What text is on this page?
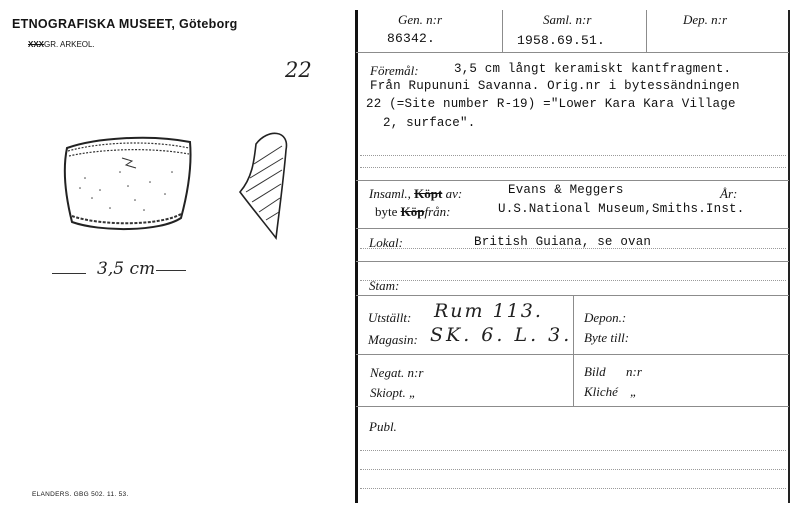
ETNOGRAFISKA MUSEET, Göteborg
XXXGR. ARKEOL.
22
3,5 cm
ELANDERS. GBG 502. 11. 53.
Gen. n:r	Saml. n:r	Dep. n:r
86342.	1958.69.51.
Föremål:	3,5 cm långt keramiskt kantfragment.
Från Rupununi Savanna. Orig.nr i bytessändningen
22 (=Site number R-19) ="Lower Kara Kara Village
2, surface".
Insaml., Köpt av:	Evans & Meggers	År:
byte Köpfrån:	U.S.National Museum,Smiths.Inst.
Lokal:	British Guiana, se ovan
Stam:
Utställt: Rum 113.
Magasin: SK. 6. L. 3.
Depon.:
Byte till:
Negat. n:r
Skiopt. „
Bild n:r
Kliché „
Publ.
